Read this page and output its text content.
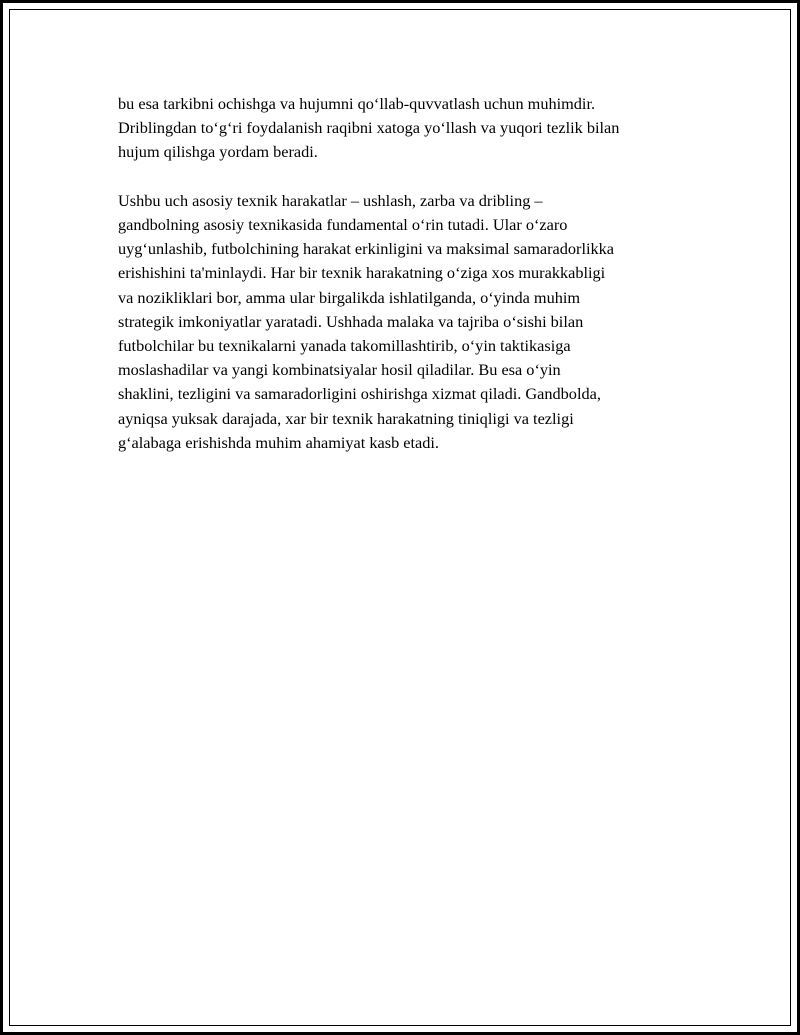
bu esa tarkibni ochishga va hujumni qo‘llab-quvvatlash uchun muhimdir.
Driblingdan to‘g‘ri foydalanish raqibni xatoga yo‘llash va yuqori tezlik bilan
hujum qilishga yordam beradi.
Ushbu uch asosiy texnik harakatlar – ushlash, zarba va dribling –
gandbolning asosiy texnikasida fundamental o‘rin tutadi. Ular o‘zaro
uyg‘unlashib, futbolchining harakat erkinligini va maksimal samaradorlikka
erishishini ta'minlaydi. Har bir texnik harakatning o‘ziga xos murakkabligi
va nozikliklari bor, amma ular birgalikda ishlatilganda, o‘yinda muhim
strategik imkoniyatlar yaratadi. Ushhada malaka va tajriba o‘sishi bilan
futbolchilar bu texnikalarni yanada takomillashtirib, o‘yin taktikasiga
moslashadilar va yangi kombinatsiyalar hosil qiladilar. Bu esa o‘yin
shaklini, tezligini va samaradorligini oshirishga xizmat qiladi. Gandbolda,
ayniqsa yuksak darajada, xar bir texnik harakatning tiniqligi va tezligi
g‘alabaga erishishda muhim ahamiyat kasb etadi.
